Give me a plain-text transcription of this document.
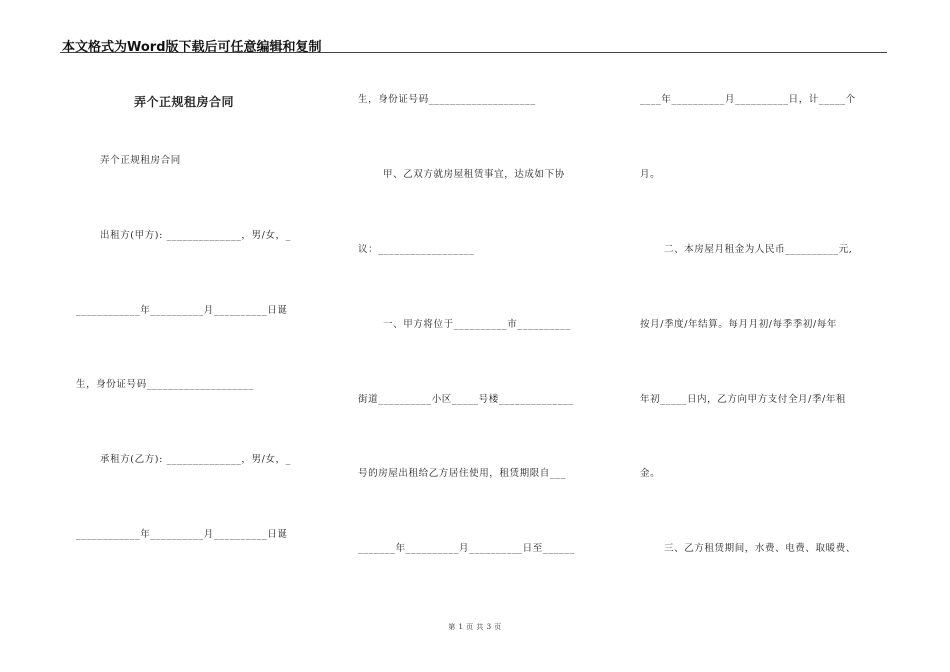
本文格式为Word版下载后可任意编辑和复制
弄个正规租房合同
弄个正规租房合同
出租方(甲方): ______________，男/女，_
____________年__________月__________日诞
生，身份证号码____________________
承租方(乙方): ______________，男/女，_
____________年__________月__________日诞
生，身份证号码____________________
甲、乙双方就房屋租赁事宜，达成如下协
议：__________________
一、甲方将位于__________市__________
街道__________小区_____号楼______________
号的房屋出租给乙方居住使用，租赁期限自___
_______年__________月__________日至______
____年__________月__________日，计_____个
月。
二、本房屋月租金为人民币__________元,
按月/季度/年结算。每月月初/每季季初/每年
年初_____日内，乙方向甲方支付全月/季/年租
金。
三、乙方租赁期间，水费、电费、取暖费、
第 1 页 共 3 页
